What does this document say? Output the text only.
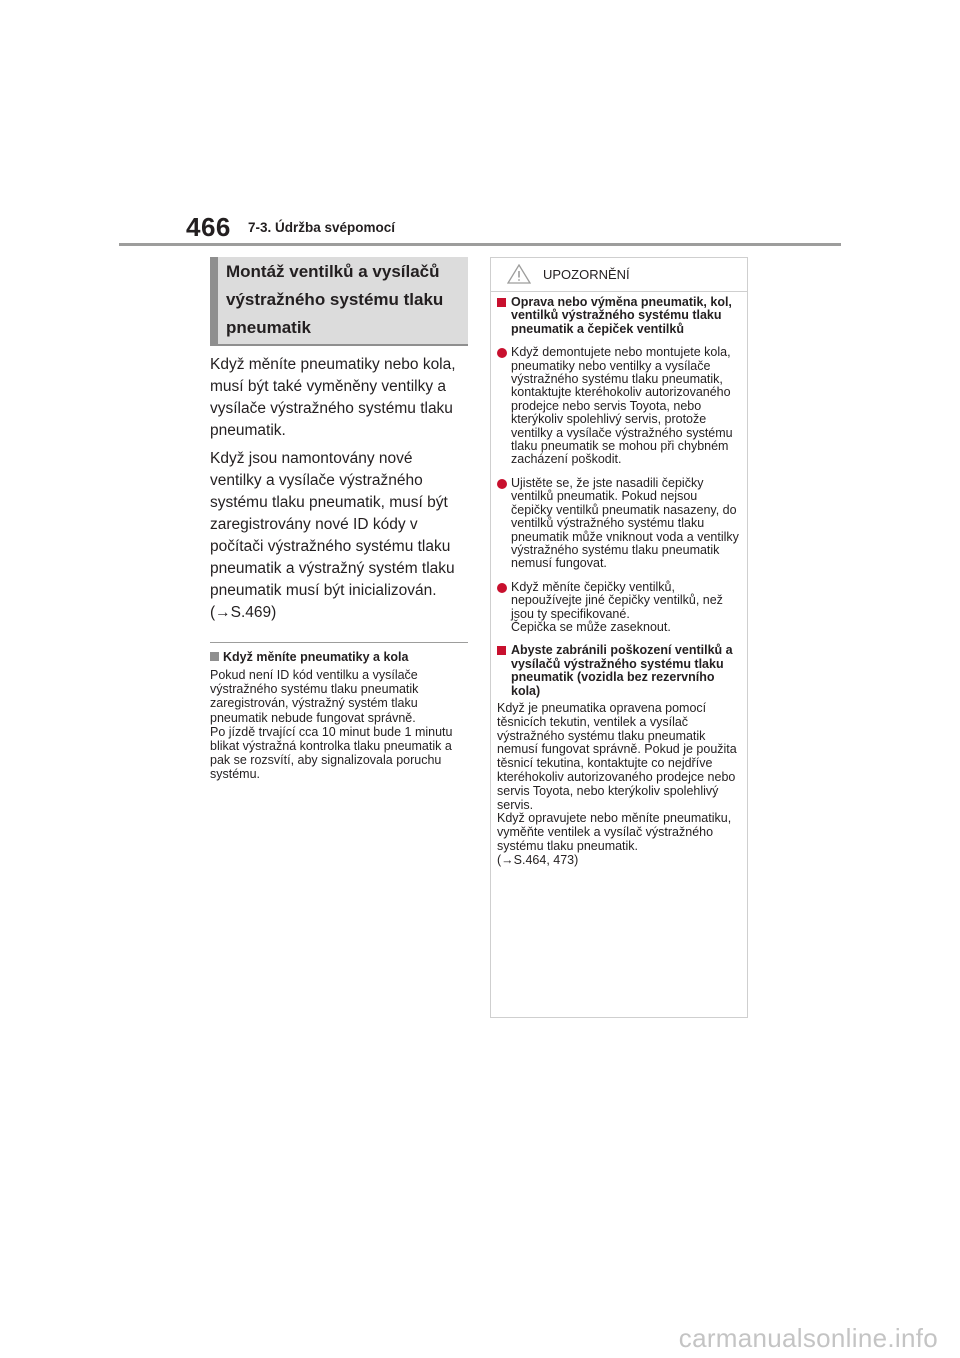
466 7-3. Údržba svépomocí
Montáž ventilků a vysílačů výstražného systému tlaku pneumatik

Když měníte pneumatiky nebo kola, musí být také vyměněny ventilky a vysílače výstražného systému tlaku pneumatik.

Když jsou namontovány nové ventilky a vysílače výstražného systému tlaku pneumatik, musí být zaregistrovány nové ID kódy v počítači výstražného systému tlaku pneumatik a výstražný systém tlaku pneumatik musí být inicializován. (→S.469)

Když měníte pneumatiky a kola
Pokud není ID kód ventilku a vysílače výstražného systému tlaku pneumatik zaregistrován, výstražný systém tlaku pneumatik nebude fungovat správně.
Po jízdě trvající cca 10 minut bude 1 minutu blikat výstražná kontrolka tlaku pneumatik a pak se rozsvítí, aby signalizovala poruchu systému.
UPOZORNĚNÍ
Oprava nebo výměna pneumatik, kol, ventilků výstražného systému tlaku pneumatik a čepiček ventilků
Když demontujete nebo montujete kola, pneumatiky nebo ventilky a vysílače výstražného systému tlaku pneumatik, kontaktujte kteréhokoliv autorizovaného prodejce nebo servis Toyota, nebo kterýkoliv spolehlivý servis, protože ventilky a vysílače výstražného systému tlaku pneumatik se mohou při chybném zacházení poškodit.
Ujistěte se, že jste nasadili čepičky ventilků pneumatik. Pokud nejsou čepičky ventilků pneumatik nasazeny, do ventilků výstražného systému tlaku pneumatik může vniknout voda a ventilky výstražného systému tlaku pneumatik nemusí fungovat.
Když měníte čepičky ventilků, nepoužívejte jiné čepičky ventilků, než jsou ty specifikované.
Čepička se může zaseknout.
Abyste zabránili poškození ventilků a vysílačů výstražného systému tlaku pneumatik (vozidla bez rezervního kola)
Když je pneumatika opravena pomocí těsnicích tekutin, ventilek a vysílač výstražného systému tlaku pneumatik nemusí fungovat správně. Pokud je použita těsnicí tekutina, kontaktujte co nejdříve kteréhokoliv autorizovaného prodejce nebo servis Toyota, nebo kterýkoliv spolehlivý servis.
Když opravujete nebo měníte pneumatiku, vyměňte ventilek a vysílač výstražného systému tlaku pneumatik.
(→S.464, 473)
carmanualsonline.info
